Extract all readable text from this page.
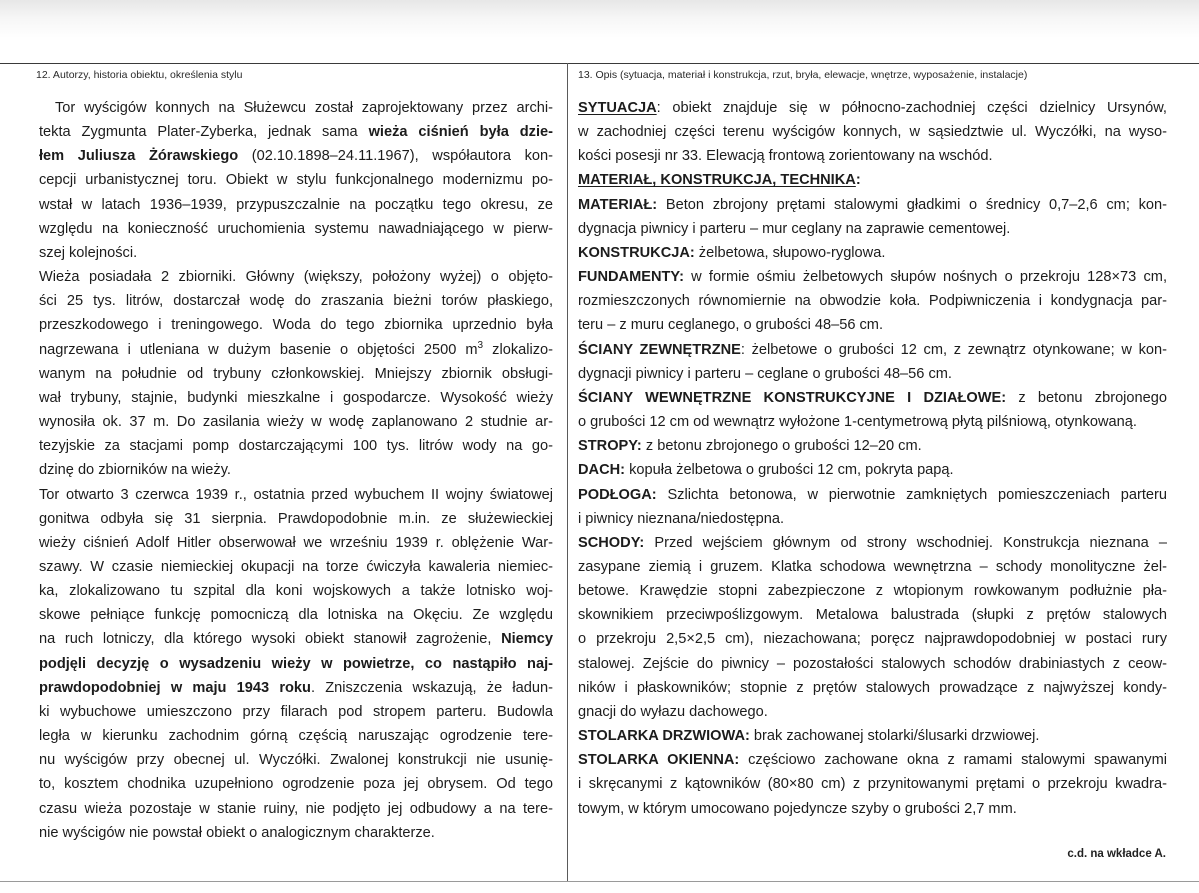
12. Autorzy, historia obiektu, określenia stylu	13. Opis (sytuacja, materiał i konstrukcja, rzut, bryła, elewacje, wnętrze, wyposażenie, instalacje)
Tor wyścigów konnych na Służewcu został zaprojektowany przez archi-
tekta Zygmunta Plater-Zyberka, jednak sama wieża ciśnień była dzie-
łem Juliusza Żórawskiego (02.10.1898–24.11.1967), współautora kon-
cepcji urbanistycznej toru. Obiekt w stylu funkcjonalnego modernizmu po-
wstał w latach 1936–1939, przypuszczalnie na początku tego okresu, ze
względu na konieczność uruchomienia systemu nawadniającego w pierw-
szej kolejności.
Wieża posiadała 2 zbiorniki. Główny (większy, położony wyżej) o objęto-
ści 25 tys. litrów, dostarczał wodę do zraszania bieżni torów płaskiego,
przeszkodowego i treningowego. Woda do tego zbiornika uprzednio była
nagrzewana i utleniana w dużym basenie o objętości 2500 $m^3$ zlokalizo-
wanym na południe od trybuny członkowskiej. Mniejszy zbiornik obsługi-
wał trybuny, stajnie, budynki mieszkalne i gospodarcze. Wysokość wieży
wynosiła ok. 37 m. Do zasilania wieży w wodę zaplanowano 2 studnie ar-
tezyjskie za stacjami pomp dostarczającymi 100 tys. litrów wody na go-
dzinę do zbiorników na wieży.
Tor otwarto 3 czerwca 1939 r., ostatnia przed wybuchem II wojny światowej
gonitwa odbyła się 31 sierpnia. Prawdopodobnie m.in. ze służewieckiej
wieży ciśnień Adolf Hitler obserwował we wrześniu 1939 r. oblężenie War-
szawy. W czasie niemieckiej okupacji na torze ćwiczyła kawaleria niemiec-
ka, zlokalizowano tu szpital dla koni wojskowych a także lotnisko woj-
skowe pełniące funkcję pomocniczą dla lotniska na Okęciu. Ze względu
na ruch lotniczy, dla którego wysoki obiekt stanowił zagrożenie, Niemcy
podjęli decyzję o wysadzeniu wieży w powietrze, co nastąpiło naj-
prawdopodobniej w maju 1943 roku. Zniszczenia wskazują, że ładun-
ki wybuchowe umieszczono przy filarach pod stropem parteru. Budowla
legła w kierunku zachodnim górną częścią naruszając ogrodzenie tere-
nu wyścigów przy obecnej ul. Wyczółki. Zwalonej konstrukcji nie usunię-
to, kosztem chodnika uzupełniono ogrodzenie poza jej obrysem. Od tego
czasu wieża pozostaje w stanie ruiny, nie podjęto jej odbudowy a na tere-
nie wyścigów nie powstał obiekt o analogicznym charakterze.
SYTUACJA: obiekt znajduje się w północno-zachodniej części dzielnicy Ursynów,
w zachodniej części terenu wyścigów konnych, w sąsiedztwie ul. Wyczółki, na wyso-
kości posesji nr 33. Elewacją frontową zorientowany na wschód.
MATERIAŁ, KONSTRUKCJA, TECHNIKA:
MATERIAŁ: Beton zbrojony prętami stalowymi gładkimi o średnicy 0,7–2,6 cm; kon-
dygnacja piwnicy i parteru – mur ceglany na zaprawie cementowej.
KONSTRUKCJA: żelbetowa, słupowo-ryglowa.
FUNDAMENTY: w formie ośmiu żelbetowych słupów nośnych o przekroju 128×73 cm,
rozmieszczonych równomiernie na obwodzie koła. Podpiwniczenia i kondygnacja par-
teru – z muru ceglanego, o grubości 48–56 cm.
ŚCIANY ZEWNĘTRZNE: żelbetowe o grubości 12 cm, z zewnątrz otynkowane; w kon-
dygnacji piwnicy i parteru – ceglane o grubości 48–56 cm.
ŚCIANY WEWNĘTRZNE KONSTRUKCYJNE I DZIAŁOWE: z betonu zbrojonego
o grubości 12 cm od wewnątrz wyłożone 1-centymetrową płytą pilśniową, otynkowaną.
STROPY: z betonu zbrojonego o grubości 12–20 cm.
DACH: kopuła żelbetowa o grubości 12 cm, pokryta papą.
PODŁOGA: Szlichta betonowa, w pierwotnie zamkniętych pomieszczeniach parteru
i piwnicy nieznana/niedostępna.
SCHODY: Przed wejściem głównym od strony wschodniej. Konstrukcja nieznana –
zasypane ziemią i gruzem. Klatka schodowa wewnętrzna – schody monolityczne żel-
betowe. Krawędzie stopni zabezpieczone z wtopionym rowkowanym podłużnie pła-
skownikiem przeciwpoślizgowym. Metalowa balustrada (słupki z prętów stalowych
o przekroju 2,5×2,5 cm), niezachowana; poręcz najprawdopodobniej w postaci rury
stalowej. Zejście do piwnicy – pozostałości stalowych schodów drabiniastych z ceow-
ników i płaskowników; stopnie z prętów stalowych prowadzące z najwyższej kondy-
gnacji do wyłazu dachowego.
STOLARKA DRZWIOWA: brak zachowanej stolarki/ślusarki drzwiowej.
STOLARKA OKIENNA: częściowo zachowane okna z ramami stalowymi spawanymi
i skręcanymi z kątowników (80×80 cm) z przynitowanymi prętami o przekroju kwadra-
towym, w którym umocowano pojedyncze szyby o grubości 2,7 mm.
c.d. na wkładce A.
